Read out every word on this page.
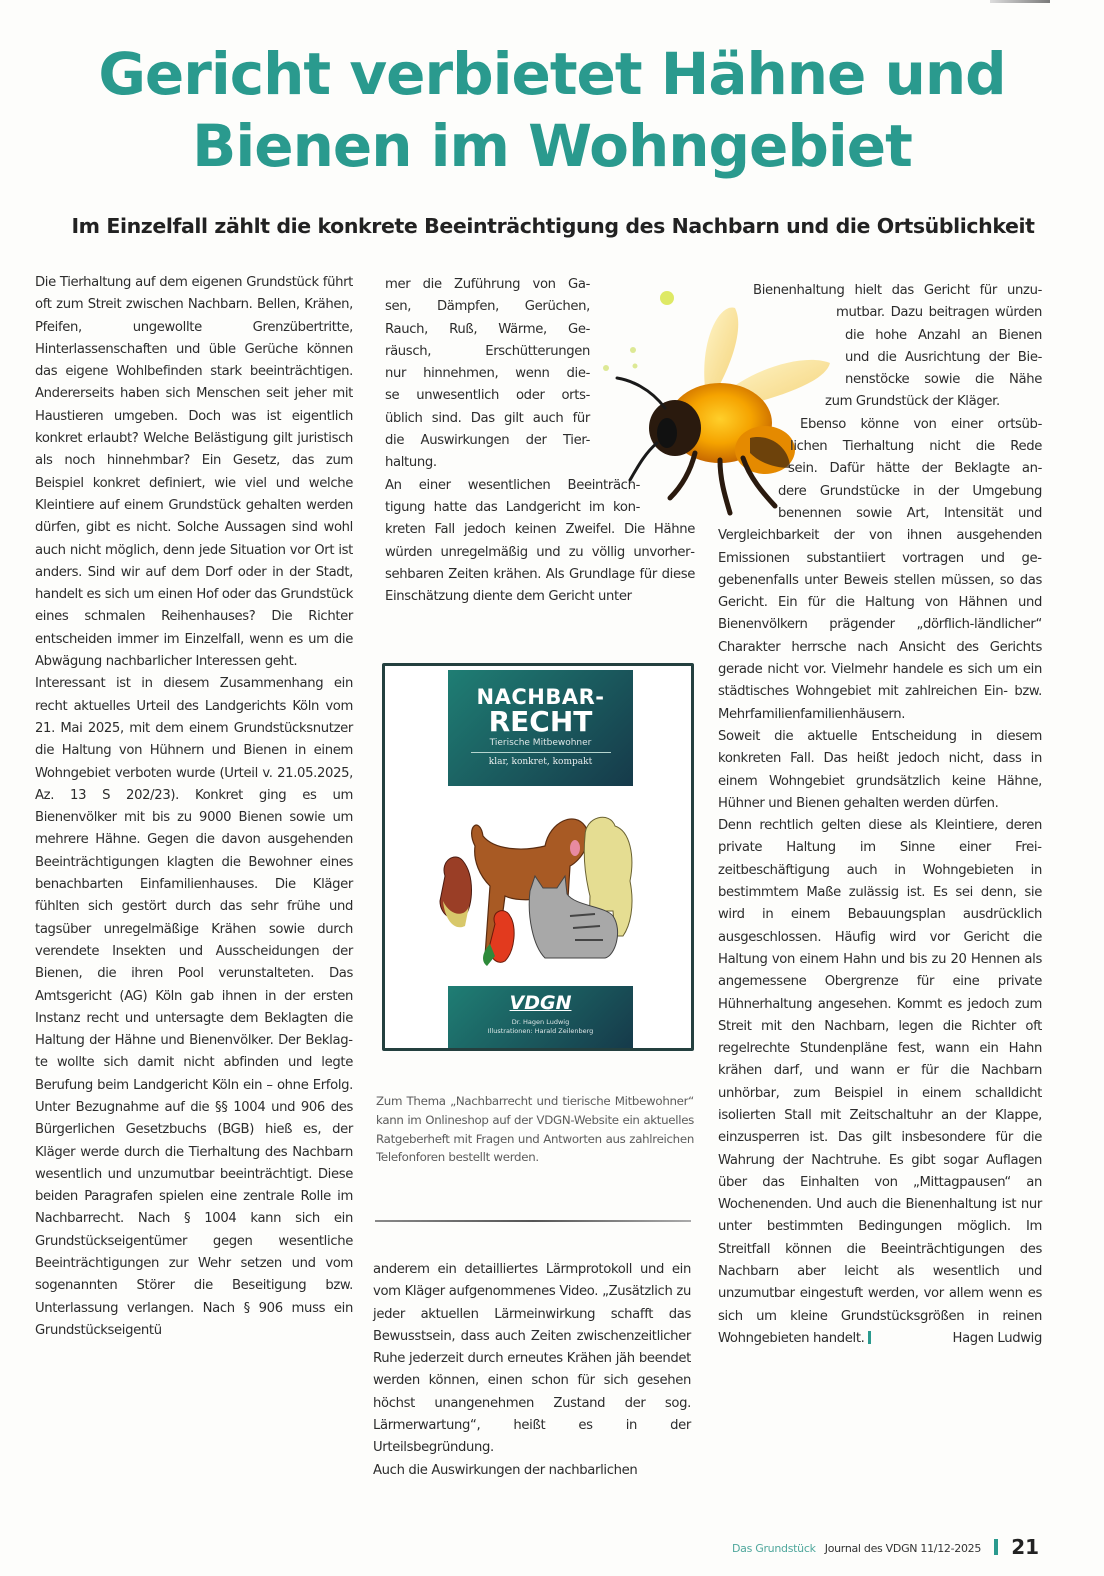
Gericht verbietet Hähne und
Bienen im Wohngebiet
Im Einzelfall zählt die konkrete Beeinträchtigung des Nachbarn und die Ortsüblichkeit

Die Tierhaltung auf dem eigenen Grundstück führt oft zum Streit zwischen Nachbarn. Bellen, Krähen, Pfeifen, ungewollte Grenzübertritte, Hinterlassenschaften und üble Gerüche können das eigene Wohlbefinden stark beeinträchtigen. Andererseits haben sich Menschen seit jeher mit Haustieren umgeben. Doch was ist eigentlich konkret erlaubt? Welche Belästigung gilt juristisch als noch hinnehmbar? Ein Gesetz, das zum Beispiel konkret definiert, wie viel und welche Kleintiere auf einem Grundstück gehalten werden dürfen, gibt es nicht. Solche Aussagen sind wohl auch nicht möglich, denn jede Situation vor Ort ist anders. Sind wir auf dem Dorf oder in der Stadt, handelt es sich um einen Hof oder das Grundstück eines schmalen Reihenhauses? Die Richter entscheiden immer im Einzelfall, wenn es um die Abwägung nachbarlicher Interessen geht.

Interessant ist in diesem Zusammenhang ein recht aktuelles Urteil des Landgerichts Köln vom 21. Mai 2025, mit dem einem Grundstücksnutzer die Haltung von Hühnern und Bienen in einem Wohngebiet verboten wurde (Urteil v. 21.05.2025, Az. 13 S 202/23). Konkret ging es um Bienenvölker mit bis zu 9000 Bienen sowie um mehrere Hähne. Gegen die davon ausgehenden Beeinträchtigungen klagten die Bewohner eines benachbarten Einfamilienhauses. Die Kläger fühlten sich gestört durch das sehr frühe und tagsüber unregelmäßige Krähen sowie durch verendete Insekten und Ausscheidungen der Bienen, die ihren Pool verunstalteten. Das Amtsgericht (AG) Köln gab ihnen in der ersten Instanz recht und untersagte dem Beklagten die Haltung der Hähne und Bienenvölker. Der Beklagte wollte sich damit nicht abfinden und legte Berufung beim Landgericht Köln ein – ohne Erfolg. Unter Bezugnahme auf die §§ 1004 und 906 des Bürgerlichen Gesetzbuchs (BGB) hieß es, der Kläger werde durch die Tierhaltung des Nachbarn wesentlich und unzumutbar beeinträchtigt. Diese beiden Paragrafen spielen eine zentrale Rolle im Nachbarrecht. Nach § 1004 kann sich ein Grundstückseigentümer gegen wesentliche Beeinträchtigungen zur Wehr setzen und vom sogenannten Störer die Beseitigung bzw. Unterlassung verlangen. Nach § 906 muss ein Grundstückseigentü

mer die Zuführung von Ga-
sen, Dämpfen, Gerüchen,
Rauch, Ruß, Wärme, Ge-
räusch, Erschütterungen
nur hinnehmen, wenn die-
se unwesentlich oder orts-
üblich sind. Das gilt auch für
die Auswirkungen der Tier-
haltung.
An einer wesentlichen Beeinträch-
tigung hatte das Landgericht im kon-

kreten Fall jedoch keinen Zweifel. Die Hähne würden unregelmäßig und zu völlig unvorhersehbaren Zeiten krähen. Als Grundlage für diese Einschätzung diente dem Gericht unter

NACHBAR-
RECHT
Tierische Mitbewohner
klar, konkret, kompakt
VDGN
Dr. Hagen Ludwig
Illustrationen: Harald Zeilenberg

Zum Thema „Nachbarrecht und tierische Mitbewohner“ kann im Onlineshop auf der VDGN-Website ein aktuelles Ratgeberheft mit Fragen und Antworten aus zahlreichen Telefonforen bestellt werden.

anderem ein detailliertes Lärmprotokoll und ein vom Kläger aufgenommenes Video. „Zusätzlich zu jeder aktuellen Lärmeinwirkung schafft das Bewusstsein, dass auch Zeiten zwischenzeitlicher Ruhe jederzeit durch erneutes Krähen jäh beendet werden können, einen schon für sich gesehen höchst unangenehmen Zustand der sog. Lärmerwartung“, heißt es in der Urteilsbegründung.

Auch die Auswirkungen der nachbarlichen

Bienenhaltung hielt das Gericht für unzu-
mutbar. Dazu beitragen würden
die hohe Anzahl an Bienen
und die Ausrichtung der Bie-
nenstöcke sowie die Nähe
zum Grundstück der Kläger.
Ebenso könne von einer ortsüb-
lichen Tierhaltung nicht die Rede
sein. Dafür hätte der Beklagte an-
dere Grundstücke in der Umgebung
benennen sowie Art, Intensität und

Vergleichbarkeit der von ihnen ausgehenden Emissionen substantiiert vortragen und gegebenenfalls unter Beweis stellen müssen, so das Gericht. Ein für die Haltung von Hähnen und Bienenvölkern prägender „dörflich-ländlicher“ Charakter herrsche nach Ansicht des Gerichts gerade nicht vor. Vielmehr handele es sich um ein städtisches Wohngebiet mit zahlreichen Ein- bzw. Mehrfamilienfamilienhäusern.

Soweit die aktuelle Entscheidung in diesem konkreten Fall. Das heißt jedoch nicht, dass in einem Wohngebiet grundsätzlich keine Hähne, Hühner und Bienen gehalten werden dürfen.

Denn rechtlich gelten diese als Kleintiere, deren private Haltung im Sinne einer Freizeitbeschäftigung auch in Wohngebieten in bestimmtem Maße zulässig ist. Es sei denn, sie wird in einem Bebauungsplan ausdrücklich ausgeschlossen. Häufig wird vor Gericht die Haltung von einem Hahn und bis zu 20 Hennen als angemessene Obergrenze für eine private Hühnerhaltung angesehen. Kommt es jedoch zum Streit mit den Nachbarn, legen die Richter oft regelrechte Stundenpläne fest, wann ein Hahn krähen darf, und wann er für die Nachbarn unhörbar, zum Beispiel in einem schalldicht isolierten Stall mit Zeitschaltuhr an der Klappe, einzusperren ist. Das gilt insbesondere für die Wahrung der Nachtruhe. Es gibt sogar Auflagen über das Einhalten von „Mittagpausen“ an Wochenenden. Und auch die Bienenhaltung ist nur unter bestimmten Bedingungen möglich. Im Streitfall können die Beeinträchtigungen des Nachbarn aber leicht als wesentlich und unzumutbar eingestuft werden, vor allem wenn es sich um kleine Grundstücksgrößen in reinen Wohngebieten handelt.	Hagen Ludwig

Das Grundstück Journal des VDGN 11/12-2025 21
